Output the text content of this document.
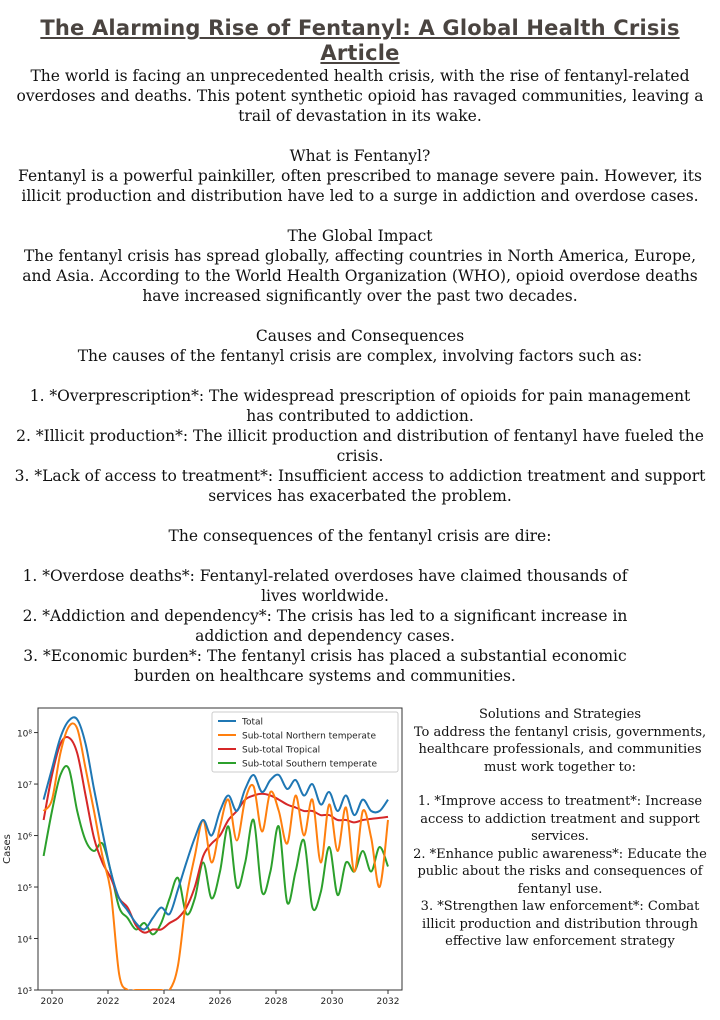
The Alarming Rise of Fentanyl: A Global Health Crisis Article

The world is facing an unprecedented health crisis, with the rise of fentanyl-related overdoses and deaths. This potent synthetic opioid has ravaged communities, leaving a trail of devastation in its wake.

What is Fentanyl?

Fentanyl is a powerful painkiller, often prescribed to manage severe pain. However, its illicit production and distribution have led to a surge in addiction and overdose cases.

The Global Impact

The fentanyl crisis has spread globally, affecting countries in North America, Europe, and Asia. According to the World Health Organization (WHO), opioid overdose deaths have increased significantly over the past two decades.

Causes and Consequences

The causes of the fentanyl crisis are complex, involving factors such as:

1. *Overprescription*: The widespread prescription of opioids for pain management has contributed to addiction.

2. *Illicit production*: The illicit production and distribution of fentanyl have fueled the crisis.

3. *Lack of access to treatment*: Insufficient access to addiction treatment and support services has exacerbated the problem.

The consequences of the fentanyl crisis are dire:

1. *Overdose deaths*: Fentanyl-related overdoses have claimed thousands of lives worldwide.

2. *Addiction and dependency*: The crisis has led to a significant increase in addiction and dependency cases.

3. *Economic burden*: The fentanyl crisis has placed a substantial economic burden on healthcare systems and communities.

10³
10⁴
10⁵
10⁶
10⁷
10⁸
2020	2022	2024	2026	2028	2030	2032
Cases
Total
Sub-total Northern temperate
Sub-total Tropical
Sub-total Southern temperate

Solutions and Strategies

To address the fentanyl crisis, governments, healthcare professionals, and communities must work together to:

1. *Improve access to treatment*: Increase access to addiction treatment and support services.

2. *Enhance public awareness*: Educate the public about the risks and consequences of fentanyl use.

3. *Strengthen law enforcement*: Combat illicit production and distribution through effective law enforcement strategy
